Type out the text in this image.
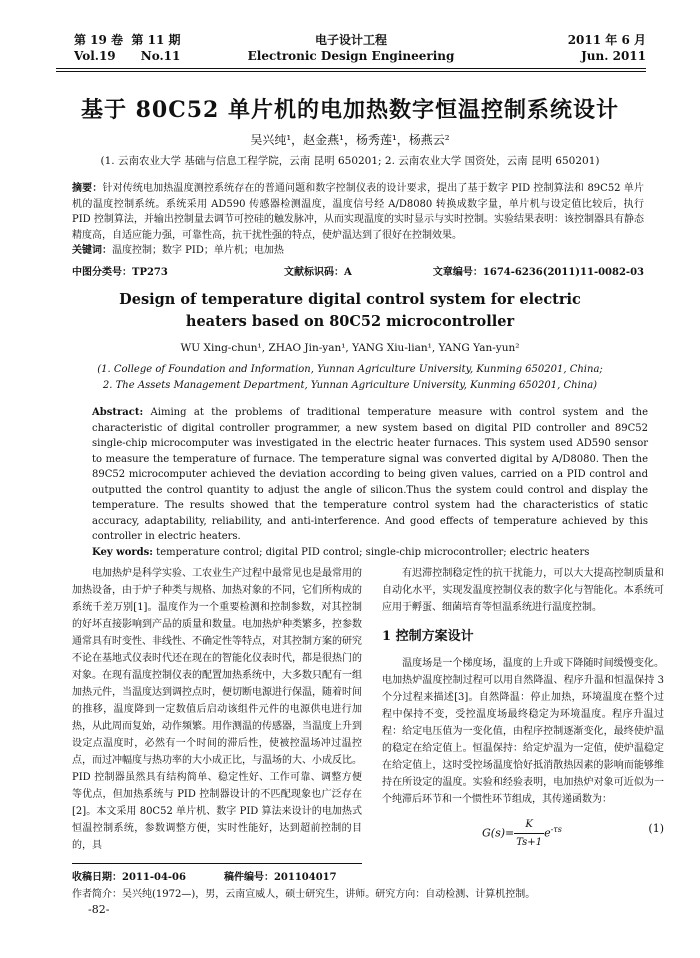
第 19 卷 第 11 期
Vol.19 No.11
电子设计工程
Electronic Design Engineering
2011 年 6 月
Jun. 2011
基于 80C52 单片机的电加热数字恒温控制系统设计
吴兴纯¹，赵金燕¹，杨秀莲¹，杨燕云²
(1. 云南农业大学 基础与信息工程学院，云南 昆明 650201; 2. 云南农业大学 国资处，云南 昆明 650201)
摘要：针对传统电加热温度测控系统存在的普通问题和数字控制仪表的设计要求，提出了基于数字 PID 控制算法和 89C52 单片机的温度控制系统。系统采用 AD590 传感器检测温度，温度信号经 A/D8080 转换成数字量，单片机与设定值比较后，执行 PID 控制算法，并输出控制量去调节可控硅的触发脉冲，从而实现温度的实时显示与实时控制。实验结果表明：该控制器具有静态精度高，自适应能力强，可靠性高，抗干扰性强的特点，使炉温达到了很好在控制效果。
关键词：温度控制；数字 PID；单片机；电加热
中图分类号：TP273	文献标识码：A	文章编号：1674-6236(2011)11-0082-03
Design of temperature digital control system for electric
heaters based on 80C52 microcontroller
WU Xing-chun¹, ZHAO Jin-yan¹, YANG Xiu-lian¹, YANG Yan-yun²
(1. College of Foundation and Information, Yunnan Agriculture University, Kunming 650201, China;
2. The Assets Management Department, Yunnan Agriculture University, Kunming 650201, China)
Abstract: Aiming at the problems of traditional temperature measure with control system and the characteristic of digital controller programmer, a new system based on digital PID controller and 89C52 single-chip microcomputer was investigated in the electric heater furnaces. This system used AD590 sensor to measure the temperature of furnace. The temperature signal was converted digital by A/D8080. Then the 89C52 microcomputer achieved the deviation according to being given values, carried on a PID control and outputted the control quantity to adjust the angle of silicon.Thus the system could control and display the temperature. The results showed that the temperature control system had the characteristics of static accuracy, adaptability, reliability, and anti-interference. And good effects of temperature achieved by this controller in electric heaters.
Key words: temperature control; digital PID control; single-chip microcontroller; electric heaters

电加热炉是科学实验、工农业生产过程中最常见也是最常用的加热设备，由于炉子种类与规格、加热对象的不同，它们所构成的系统千差万别[1]。温度作为一个重要检测和控制参数，对其控制的好坏直接影响到产品的质量和数量。电加热炉种类繁多，控参数通常具有时变性、非线性、不确定性等特点，对其控制方案的研究不论在基地式仪表时代还在现在的智能化仪表时代，都是很热门的对象。在现有温度控制仪表的配置加热系统中，大多数只配有一组加热元件，当温度达到调控点时，便切断电源进行保温，随着时间的推移，温度降到一定数值后启动该组件元件的电源供电进行加热，从此周而复始，动作频繁。用作测温的传感器，当温度上升到设定点温度时，必然有一个时间的滞后性，使被控温场冲过温控点，而过冲幅度与热功率的大小成正比，与温场的大、小成反比。PID 控制器虽然具有结构简单、稳定性好、工作可靠、调整方便等优点，但加热系统与 PID 控制器设计的不匹配现象也广泛存在[2]。本文采用 80C52 单片机、数字 PID 算法来设计的电加热式恒温控制系统，参数调整方便，实时性能好，达到超前控制的目的，具

有迟滞控制稳定性的抗干扰能力，可以大大提高控制质量和自动化水平，实现发温度控制仪表的数字化与智能化。本系统可应用于孵蛋、细菌培育等恒温系统进行温度控制。

1 控制方案设计

温度场是一个梯度场，温度的上升或下降随时间缓慢变化。电加热炉温度控制过程可以用自然降温、程序升温和恒温保持 3 个分过程来描述[3]。自然降温：停止加热，环境温度在整个过程中保持不变，受控温度场最终稳定为环境温度。程序升温过程：给定电压值为一变化值，由程序控制逐渐变化，最终使炉温的稳定在给定值上。恒温保持：给定炉温为一定值，使炉温稳定在给定值上，这时受控场温度恰好抵消散热因素的影响而能够维持在所设定的温度。实验和经验表明，电加热炉对象可近似为一个纯滞后环节和一个惯性环节组成，其传递函数为：

$G(s)= \frac{K}{Ts+1} e^{-\tau s}$	(1)
收稿日期：2011-04-06	稿件编号：201104017
作者简介：吴兴纯(1972—)，男，云南宣威人，硕士研究生，讲师。研究方向：自动检测、计算机控制。
-82-
